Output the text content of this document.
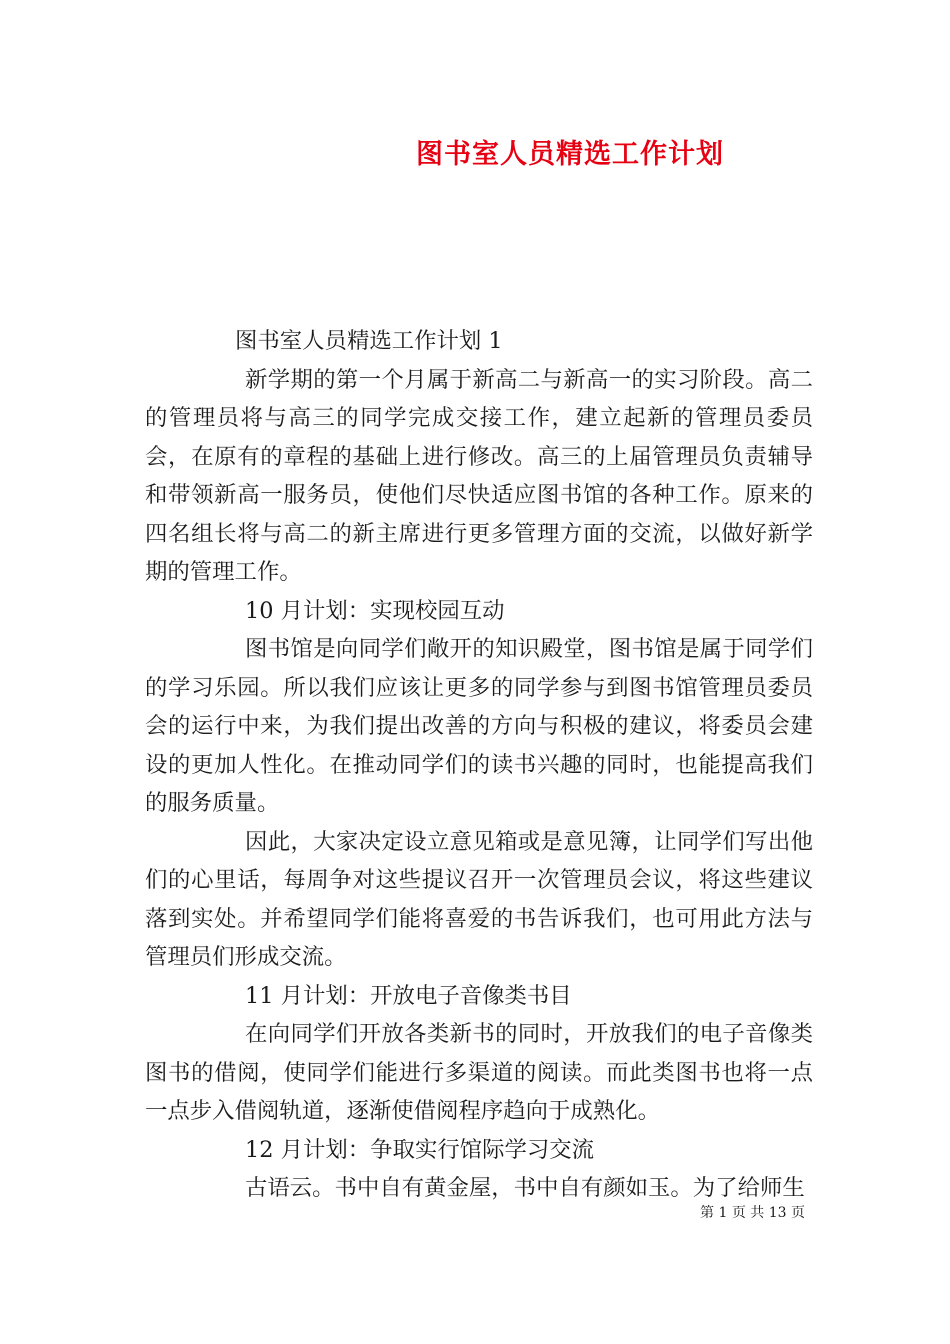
图书室人员精选工作计划

图书室人员精选工作计划 1

新学期的第一个月属于新高二与新高一的实习阶段。高二的管理员将与高三的同学完成交接工作，建立起新的管理员委员会，在原有的章程的基础上进行修改。高三的上届管理员负责辅导和带领新高一服务员，使他们尽快适应图书馆的各种工作。原来的四名组长将与高二的新主席进行更多管理方面的交流，以做好新学期的管理工作。

10 月计划：实现校园互动

图书馆是向同学们敞开的知识殿堂，图书馆是属于同学们的学习乐园。所以我们应该让更多的同学参与到图书馆管理员委员会的运行中来，为我们提出改善的方向与积极的建议，将委员会建设的更加人性化。在推动同学们的读书兴趣的同时，也能提高我们的服务质量。

因此，大家决定设立意见箱或是意见簿，让同学们写出他们的心里话，每周争对这些提议召开一次管理员会议，将这些建议落到实处。并希望同学们能将喜爱的书告诉我们，也可用此方法与管理员们形成交流。

11 月计划：开放电子音像类书目

在向同学们开放各类新书的同时，开放我们的电子音像类图书的借阅，使同学们能进行多渠道的阅读。而此类图书也将一点一点步入借阅轨道，逐渐使借阅程序趋向于成熟化。

12 月计划：争取实行馆际学习交流

古语云。书中自有黄金屋，书中自有颜如玉。为了给师生

第 1 页 共 13 页
